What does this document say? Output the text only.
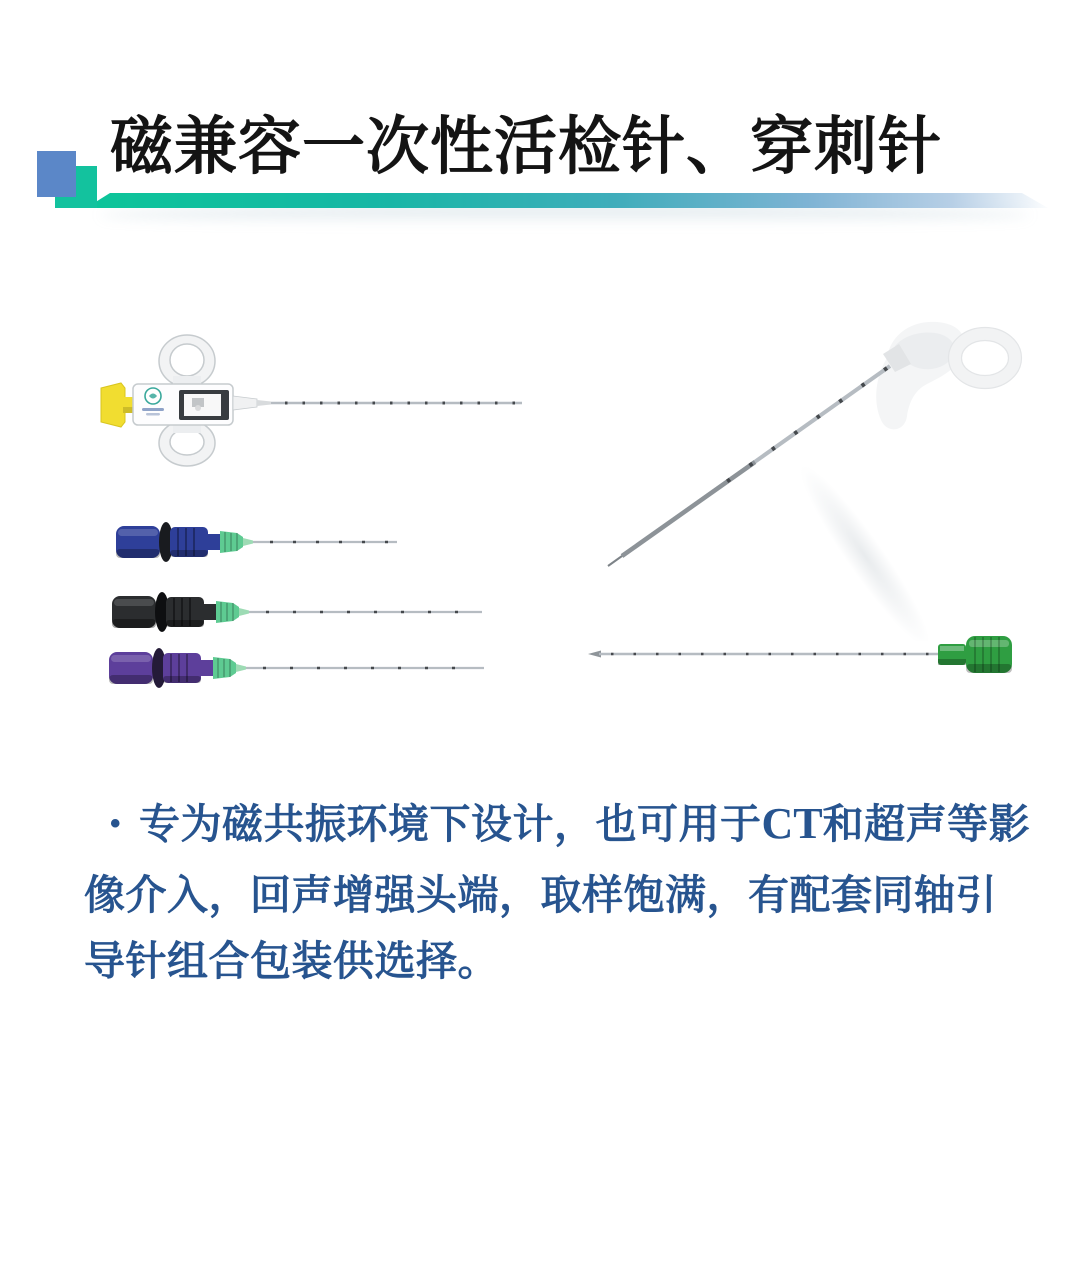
磁兼容一次性活检针、穿刺针
• 专为磁共振环境下设计，也可用于CT和超声等影
像介入，回声增强头端，取样饱满，有配套同轴引
导针组合包装供选择。
